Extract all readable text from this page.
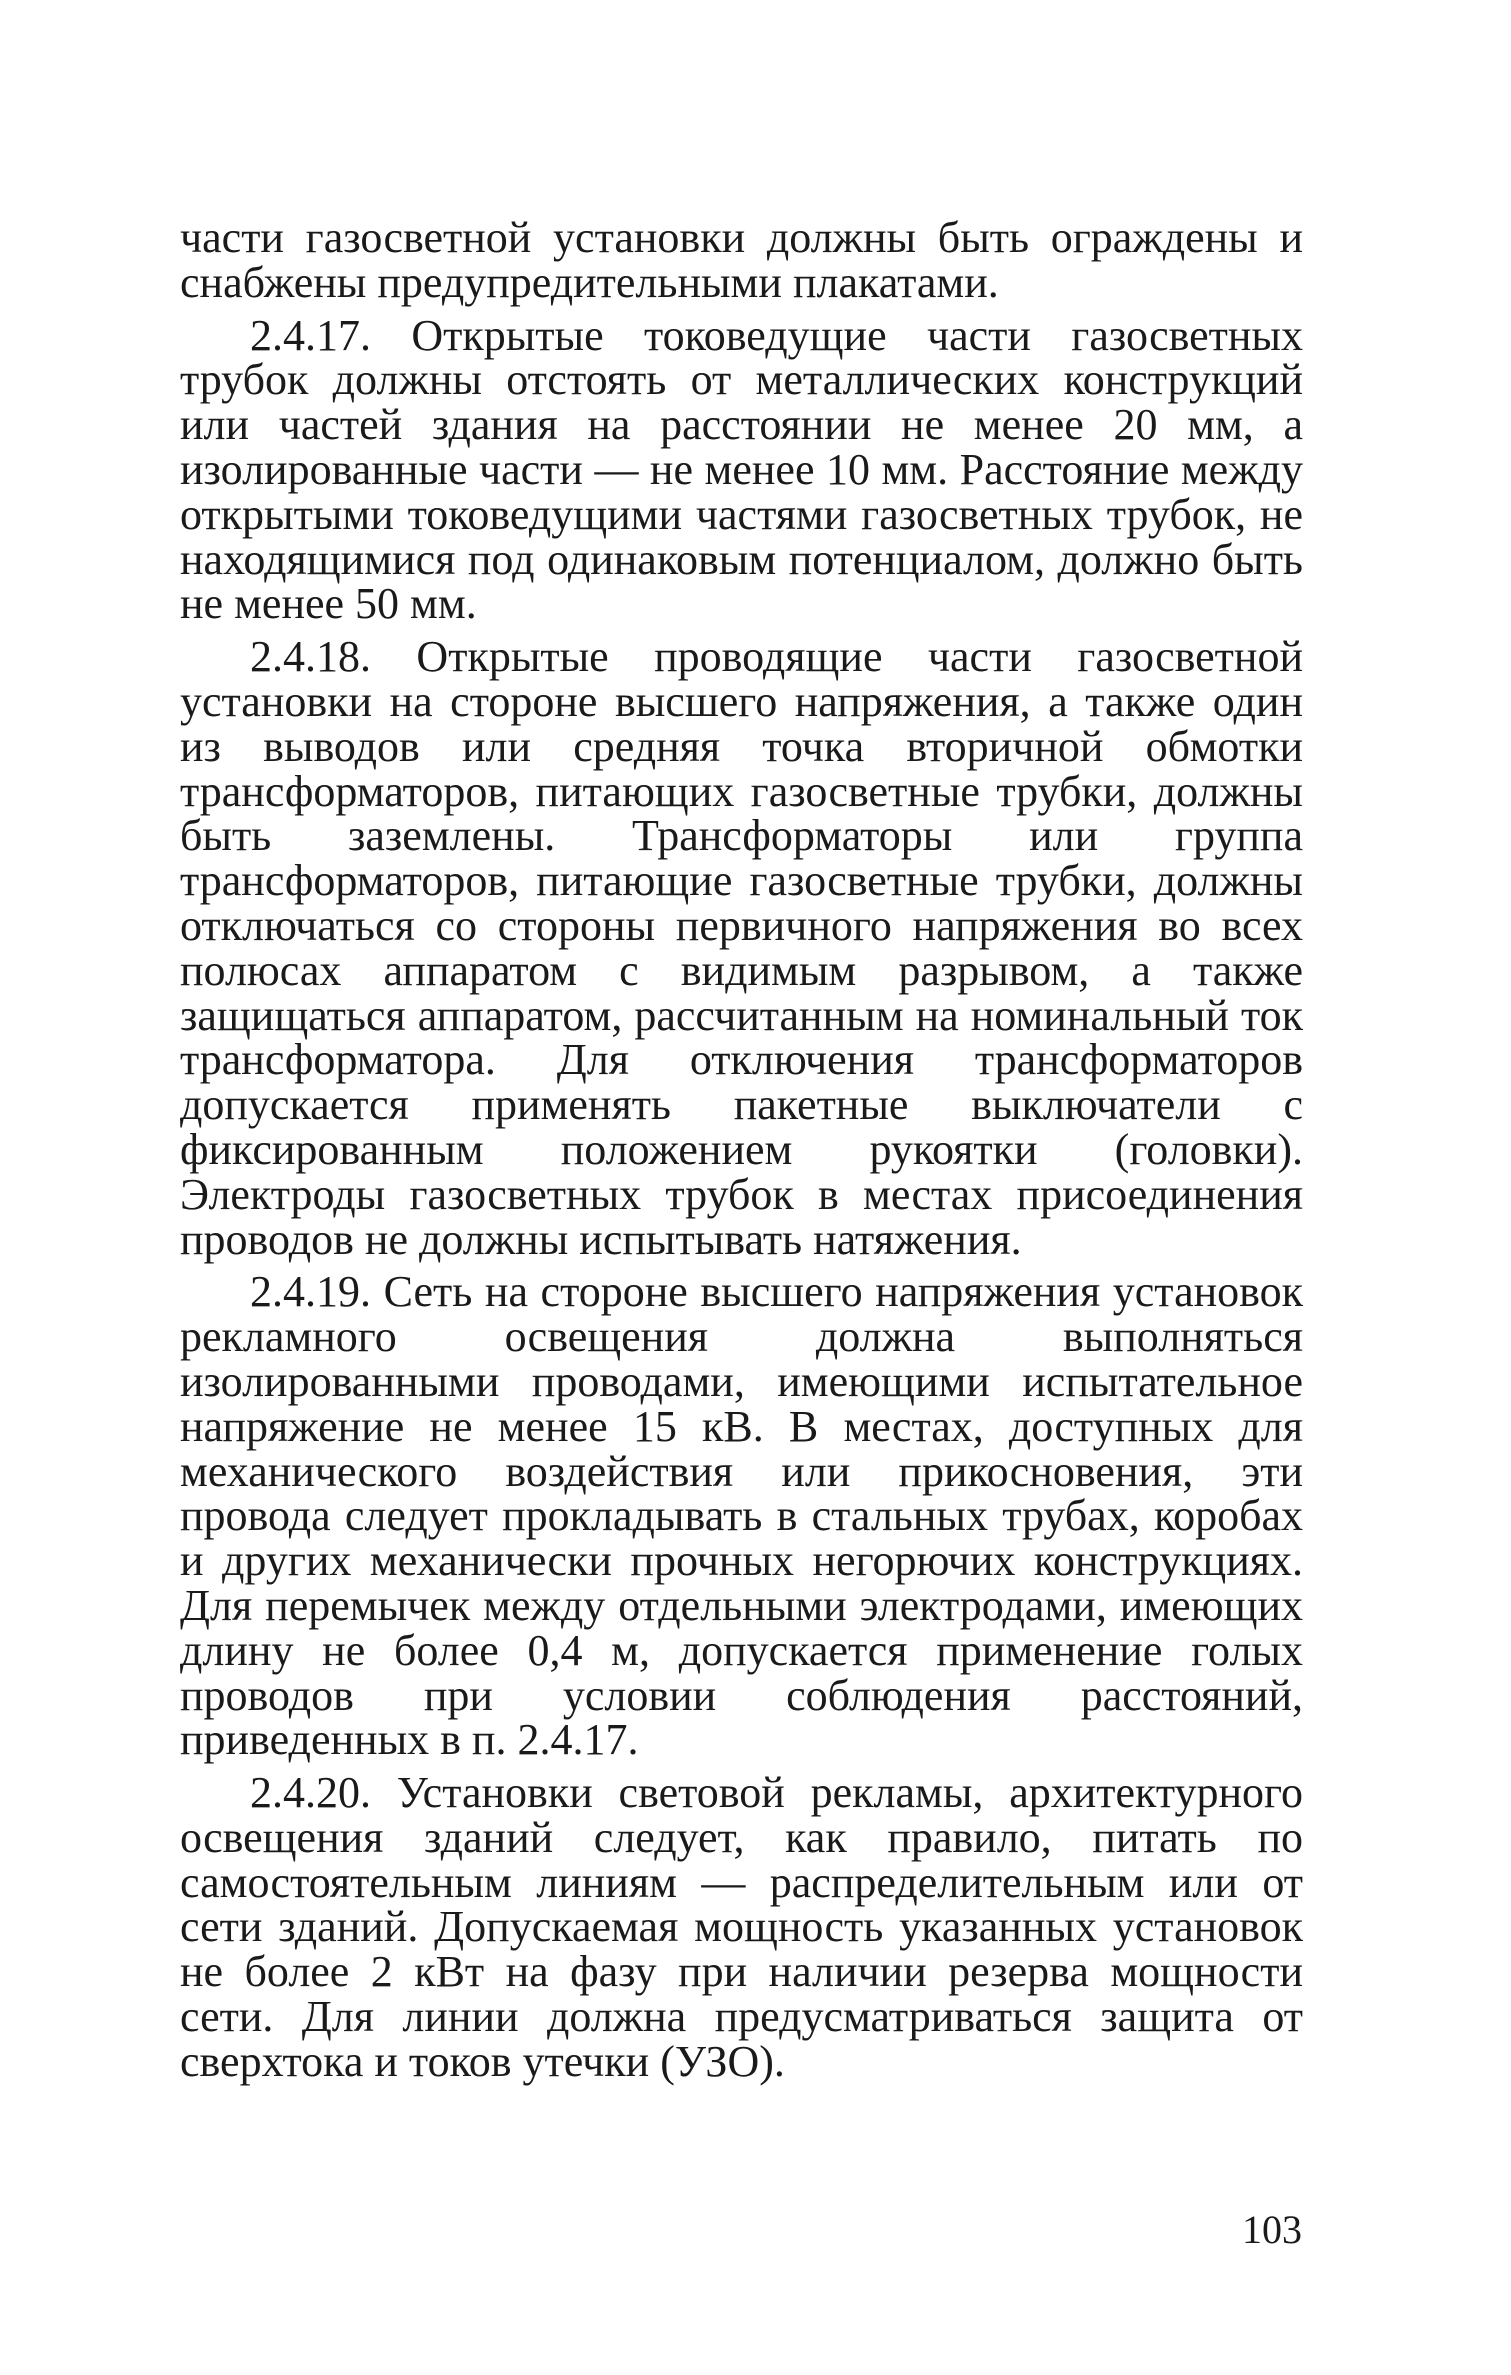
части газосветной установки должны быть ограждены и снабжены предупредительными плакатами.

2.4.17. Открытые токоведущие части газосветных трубок должны отстоять от металлических конструкций или частей здания на расстоянии не менее 20 мм, а изолированные части — не менее 10 мм. Расстояние между открытыми токоведущими частями газосветных трубок, не находящимися под одинаковым потенциалом, должно быть не менее 50 мм.

2.4.18. Открытые проводящие части газосветной установки на стороне высшего напряжения, а также один из выводов или средняя точка вторичной обмотки трансформаторов, питающих газосветные трубки, должны быть заземлены. Трансформаторы или группа трансформаторов, питающие газосветные трубки, должны отключаться со стороны первичного напряжения во всех полюсах аппаратом с видимым разрывом, а также защищаться аппаратом, рассчитанным на номинальный ток трансформатора. Для отключения трансформаторов допускается применять пакетные выключатели с фиксированным положением рукоятки (головки). Электроды газосветных трубок в местах присоединения проводов не должны испытывать натяжения.

2.4.19. Сеть на стороне высшего напряжения установок рекламного освещения должна выполняться изолированными проводами, имеющими испытательное напряжение не менее 15 кВ. В местах, доступных для механического воздействия или прикосновения, эти провода следует прокладывать в стальных трубах, коробах и других механически прочных негорючих конструкциях. Для перемычек между отдельными электродами, имеющих длину не более 0,4 м, допускается применение голых проводов при условии соблюдения расстояний, приведенных в п. 2.4.17.

2.4.20. Установки световой рекламы, архитектурного освещения зданий следует, как правило, питать по самостоятельным линиям — распределительным или от сети зданий. Допускаемая мощность указанных установок не более 2 кВт на фазу при наличии резерва мощности сети. Для линии должна предусматриваться защита от сверхтока и токов утечки (УЗО).

103
